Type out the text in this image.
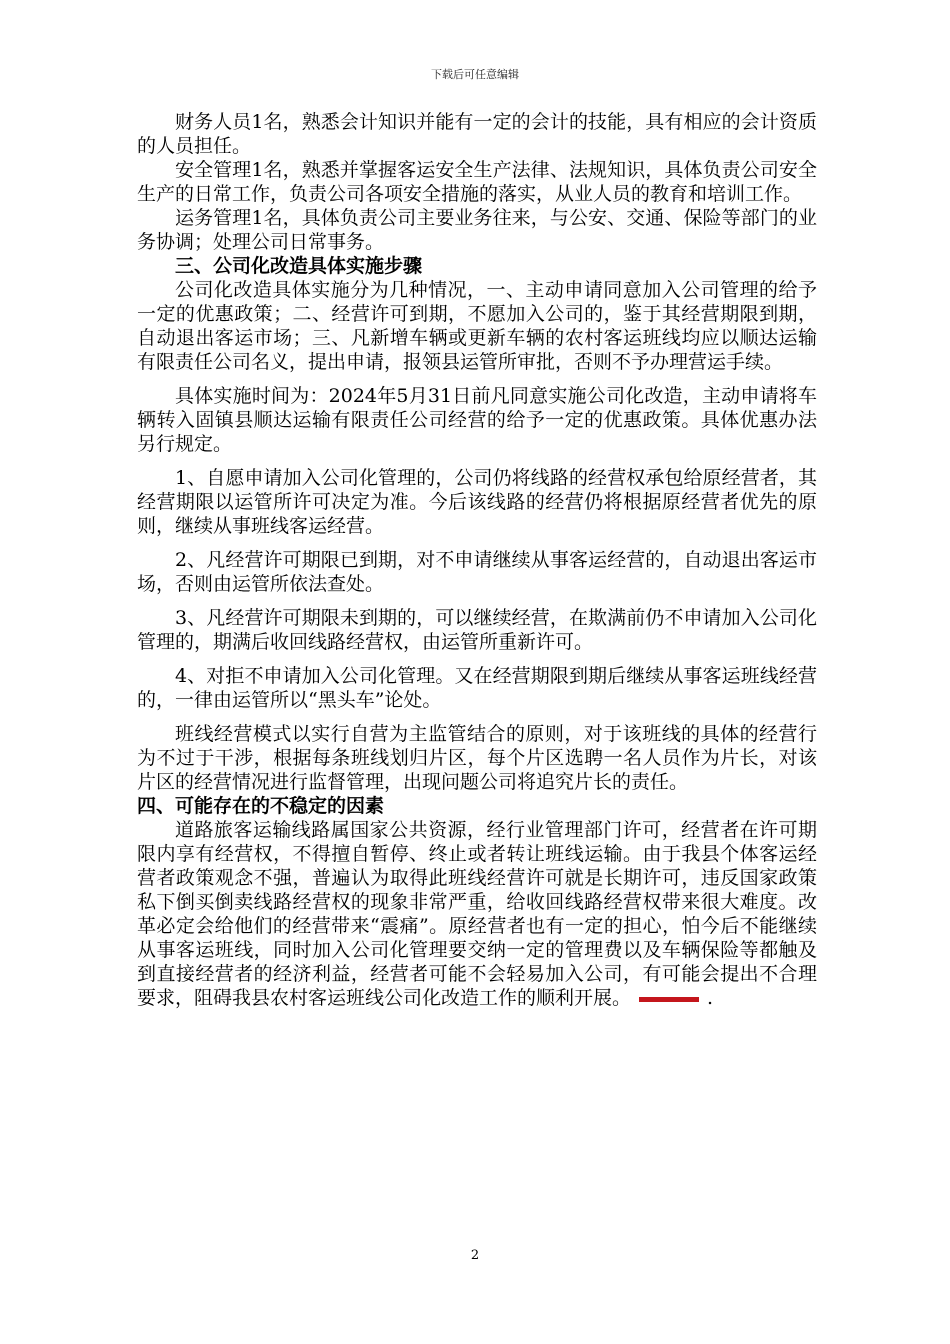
下载后可任意编辑

财务人员1名，熟悉会计知识并能有一定的会计的技能，具有相应的会计资质的人员担任。

安全管理1名，熟悉并掌握客运安全生产法律、法规知识，具体负责公司安全生产的日常工作，负责公司各项安全措施的落实，从业人员的教育和培训工作。

运务管理1名，具体负责公司主要业务往来，与公安、交通、保险等部门的业务协调；处理公司日常事务。

三、公司化改造具体实施步骤

公司化改造具体实施分为几种情况，一、主动申请同意加入公司管理的给予一定的优惠政策；二、经营许可到期，不愿加入公司的，鉴于其经营期限到期，自动退出客运市场；三、凡新增车辆或更新车辆的农村客运班线均应以顺达运输有限责任公司名义，提出申请，报领县运管所审批，否则不予办理营运手续。

具体实施时间为：2024年5月31日前凡同意实施公司化改造，主动申请将车辆转入固镇县顺达运输有限责任公司经营的给予一定的优惠政策。具体优惠办法另行规定。

1、自愿申请加入公司化管理的，公司仍将线路的经营权承包给原经营者，其经营期限以运管所许可决定为准。今后该线路的经营仍将根据原经营者优先的原则，继续从事班线客运经营。

2、凡经营许可期限已到期，对不申请继续从事客运经营的，自动退出客运市场，否则由运管所依法查处。

3、凡经营许可期限未到期的，可以继续经营，在欺满前仍不申请加入公司化管理的，期满后收回线路经营权，由运管所重新许可。

4、对拒不申请加入公司化管理。又在经营期限到期后继续从事客运班线经营的，一律由运管所以“黑头车”论处。

班线经营模式以实行自营为主监管结合的原则，对于该班线的具体的经营行为不过于干涉，根据每条班线划归片区，每个片区选聘一名人员作为片长，对该片区的经营情况进行监督管理，出现问题公司将追究片长的责任。

四、可能存在的不稳定的因素

道路旅客运输线路属国家公共资源，经行业管理部门许可，经营者在许可期限内享有经营权，不得擅自暂停、终止或者转让班线运输。由于我县个体客运经营者政策观念不强，普遍认为取得此班线经营许可就是长期许可，违反国家政策私下倒买倒卖线路经营权的现象非常严重，给收回线路经营权带来很大难度。改革必定会给他们的经营带来“震痛”。原经营者也有一定的担心，怕今后不能继续从事客运班线，同时加入公司化管理要交纳一定的管理费以及车辆保险等都触及到直接经营者的经济利益，经营者可能不会轻易加入公司，有可能会提出不合理要求，阻碍我县农村客运班线公司化改造工作的顺利开展。	.

2
